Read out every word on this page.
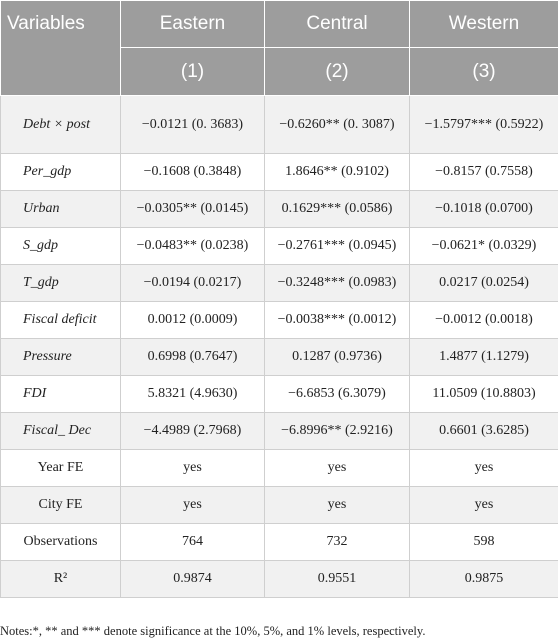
Variables	Eastern	Central	Western
	(1)	(2)	(3)
Debt × post	−0.0121 (0. 3683)	−0.6260** (0. 3087)	−1.5797*** (0.5922)
Per_gdp	−0.1608 (0.3848)	1.8646** (0.9102)	−0.8157 (0.7558)
Urban	−0.0305** (0.0145)	0.1629*** (0.0586)	−0.1018 (0.0700)
S_gdp	−0.0483** (0.0238)	−0.2761*** (0.0945)	−0.0621* (0.0329)
T_gdp	−0.0194 (0.0217)	−0.3248*** (0.0983)	0.0217 (0.0254)
Fiscal deficit	0.0012 (0.0009)	−0.0038*** (0.0012)	−0.0012 (0.0018)
Pressure	0.6998 (0.7647)	0.1287 (0.9736)	1.4877 (1.1279)
FDI	5.8321 (4.9630)	−6.6853 (6.3079)	11.0509 (10.8803)
Fiscal_ Dec	−4.4989 (2.7968)	−6.8996** (2.9216)	0.6601 (3.6285)
Year FE	yes	yes	yes
City FE	yes	yes	yes
Observations	764	732	598
R²	0.9874	0.9551	0.9875
Notes:*, ** and *** denote significance at the 10%, 5%, and 1% levels, respectively.
